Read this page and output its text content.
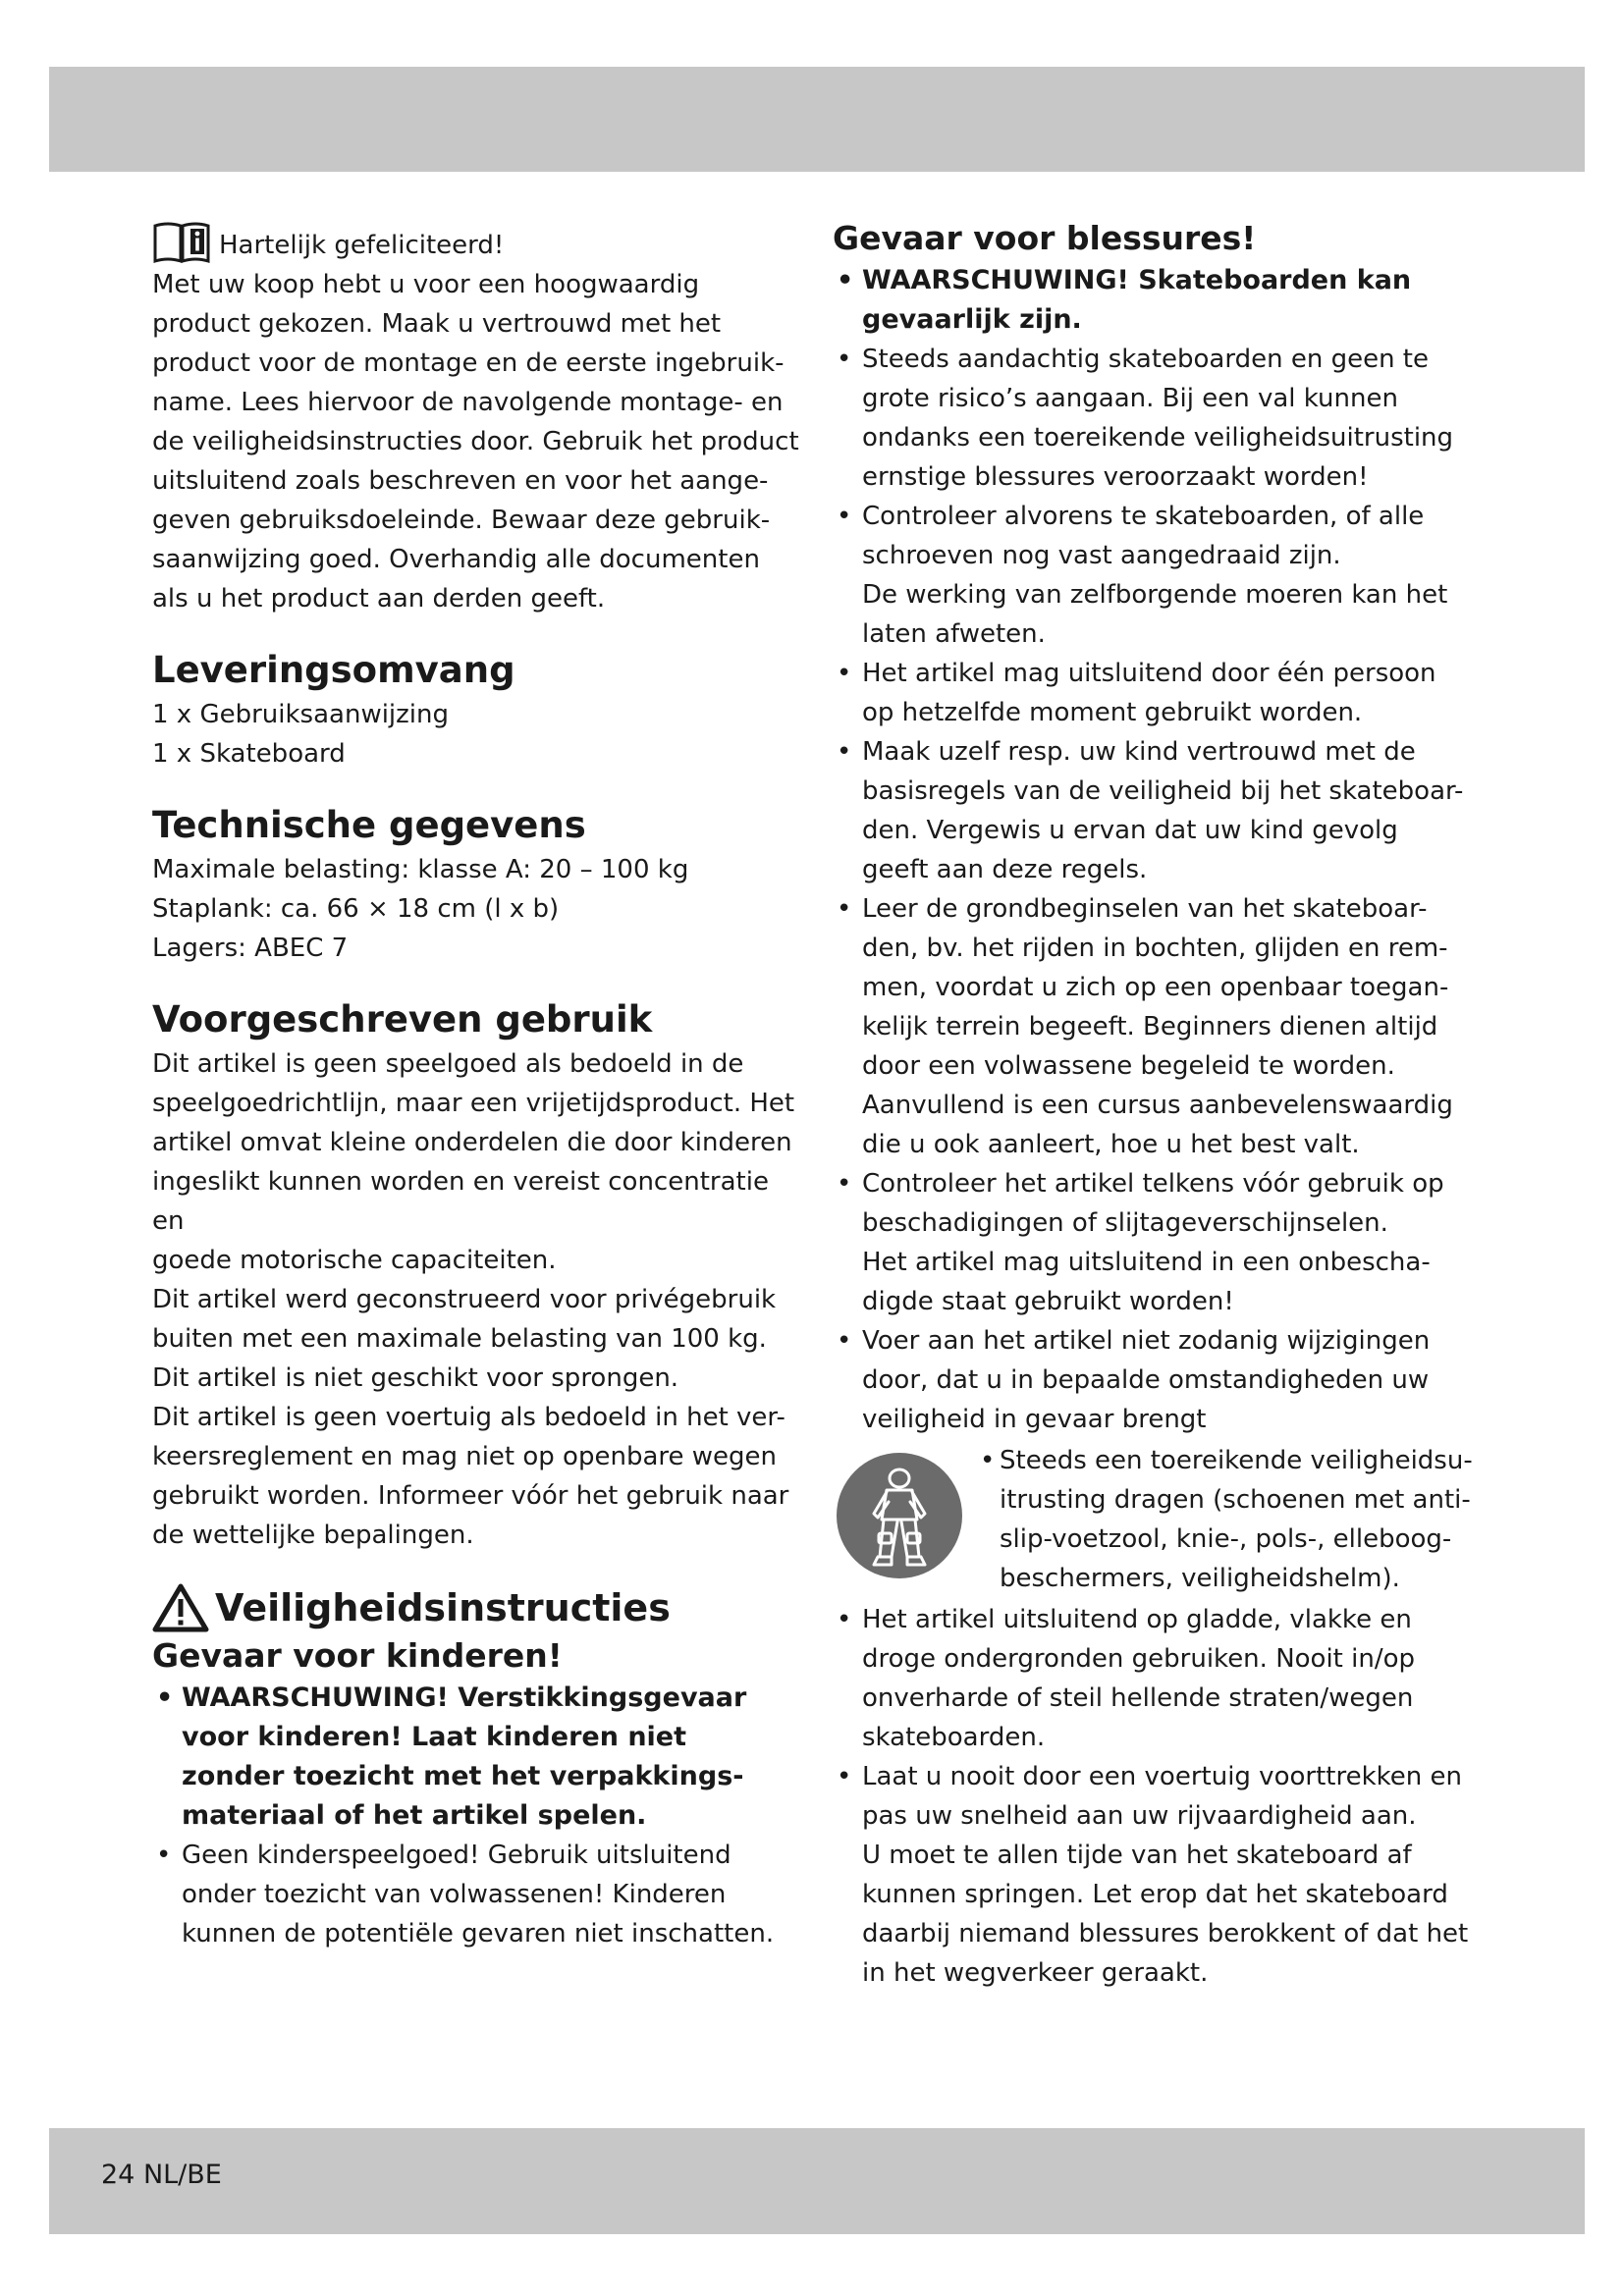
Hartelijk gefeliciteerd!

Met uw koop hebt u voor een hoogwaardig

product gekozen. Maak u vertrouwd met het

product voor de montage en de eerste ingebruik-

name. Lees hiervoor de navolgende montage- en

de veiligheidsinstructies door. Gebruik het product

uitsluitend zoals beschreven en voor het aange-

geven gebruiksdoeleinde. Bewaar deze gebruik-

saanwijzing goed. Overhandig alle documenten

als u het product aan derden geeft.

Leveringsomvang

1 x Gebruiksaanwijzing

1 x Skateboard

Technische gegevens

Maximale belasting: klasse A: 20 – 100 kg

Staplank: ca. 66 × 18 cm (l x b)

Lagers: ABEC 7

Voorgeschreven gebruik

Dit artikel is geen speelgoed als bedoeld in de

speelgoedrichtlijn, maar een vrijetijdsproduct. Het

artikel omvat kleine onderdelen die door kinderen

ingeslikt kunnen worden en vereist concentratie en

goede motorische capaciteiten.

Dit artikel werd geconstrueerd voor privégebruik

buiten met een maximale belasting van 100 kg.

Dit artikel is niet geschikt voor sprongen.

Dit artikel is geen voertuig als bedoeld in het ver-

keersreglement en mag niet op openbare wegen

gebruikt worden. Informeer vóór het gebruik naar

de wettelijke bepalingen.

Veiligheidsinstructies
Gevaar voor kinderen!
• WAARSCHUWING! Verstikkingsgevaar
voor kinderen! Laat kinderen niet
zonder toezicht met het verpakkings-
materiaal of het artikel spelen.
• Geen kinderspeelgoed! Gebruik uitsluitend
onder toezicht van volwassenen! Kinderen
kunnen de potentiële gevaren niet inschatten.
Gevaar voor blessures!
• WAARSCHUWING! Skateboarden kan
gevaarlijk zijn.
• Steeds aandachtig skateboarden en geen te
grote risico’s aangaan. Bij een val kunnen
ondanks een toereikende veiligheidsuitrusting
ernstige blessures veroorzaakt worden!
• Controleer alvorens te skateboarden, of alle
schroeven nog vast aangedraaid zijn.
De werking van zelfborgende moeren kan het
laten afweten.
• Het artikel mag uitsluitend door één persoon
op hetzelfde moment gebruikt worden.
• Maak uzelf resp. uw kind vertrouwd met de
basisregels van de veiligheid bij het skateboar-
den. Vergewis u ervan dat uw kind gevolg
geeft aan deze regels.
• Leer de grondbeginselen van het skateboar-
den, bv. het rijden in bochten, glijden en rem-
men, voordat u zich op een openbaar toegan-
kelijk terrein begeeft. Beginners dienen altijd
door een volwassene begeleid te worden.
Aanvullend is een cursus aanbevelenswaardig
die u ook aanleert, hoe u het best valt.
• Controleer het artikel telkens vóór gebruik op
beschadigingen of slijtageverschijnselen.
Het artikel mag uitsluitend in een onbescha-
digde staat gebruikt worden!
• Voer aan het artikel niet zodanig wijzigingen
door, dat u in bepaalde omstandigheden uw
veiligheid in gevaar brengt
• Steeds een toereikende veiligheidsu-
itrusting dragen (schoenen met anti-
slip-voetzool, knie-, pols-, elleboog-
beschermers, veiligheidshelm).
• Het artikel uitsluitend op gladde, vlakke en
droge ondergronden gebruiken. Nooit in/op
onverharde of steil hellende straten/wegen
skateboarden.
• Laat u nooit door een voertuig voorttrekken en
pas uw snelheid aan uw rijvaardigheid aan.
U moet te allen tijde van het skateboard af
kunnen springen. Let erop dat het skateboard
daarbij niemand blessures berokkent of dat het
in het wegverkeer geraakt.
24 NL/BE
